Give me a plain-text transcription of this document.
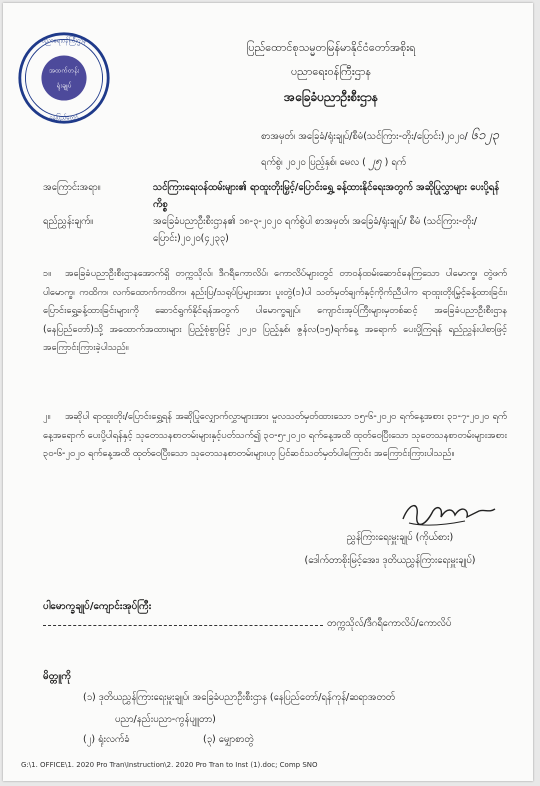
အထက်တန်း
ရုံးချုပ်
ပညာရေးဝန်ကြီးဌာန
နေပြည်တော်
ပြည်ထောင်စုသမ္မတမြန်မာနိုင်ငံတော်အစိုးရ
ပညာရေးဝန်ကြီးဌာန
အခြေခံပညာဦးစီးဌာန
စာအမှတ်၊ အခြေခံ/ရုံးချုပ်/စီမံ(သင်ကြား-တိုး/ပြောင်း)၂၀၂၀/ ၆၁၂၃
ရက်စွဲ၊ ၂၀၂၀ ပြည့်နှစ်၊ မေလ ( ၂၅ ) ရက်
အကြောင်းအရာ။	သင်ကြားရေးဝန်ထမ်းများ၏ ရာထူးတိုးမြှင့်/ပြောင်းရွှေ့ ခန့်ထားနိုင်ရေးအတွက် အဆိုပြုလွှာများ ပေးပို့ရန်ကိစ္စ
ရည်ညွှန်းချက်။	အခြေခံပညာဦးစီးဌာန၏ ၁၈-၃-၂၀၂၀ ရက်စွဲပါ စာအမှတ်၊ အခြေခံ/ရုံးချုပ်/ စီမံ (သင်ကြား-တိုး/ပြောင်း)၂၀၂၀(၄၂၃၃)
၁။ အခြေခံပညာဦးစီးဌာနအောက်ရှိ တက္ကသိုလ်၊ ဒီဂရီကောလိပ်၊ ကောလိပ်များတွင် တာဝန်ထမ်းဆောင်နေကြသော ပါမောက္ခ၊ တွဲဖက်ပါမောက္ခ၊ ကထိက၊ လက်ထောက်ကထိက၊ နည်းပြ/သရုပ်ပြများအား ပူးတွဲ(၁)ပါ သတ်မှတ်ချက်နှင့်ကိုက်ညီပါက ရာထူးတိုးမြှင့်ခန့်ထားခြင်း၊ ပြောင်းရွှေ့ခန့်ထားခြင်းများကို ဆောင်ရွက်နိုင်ရန်အတွက် ပါမောက္ခချုပ်၊ ကျောင်းအုပ်ကြီးများမှတစ်ဆင့် အခြေခံပညာဦးစီးဌာန (နေပြည်တော်)သို့ အထောက်အထားများ ပြည့်စုံစွာဖြင့် ၂၀၂၀ ပြည့်နှစ်၊ ဇွန်လ(၁၅)ရက်နေ့ အရောက် ပေးပို့ကြရန် ရည်ညွှန်းပါစာဖြင့် အကြောင်းကြားခဲ့ပါသည်။
၂။ အဆိုပါ ရာထူးတိုး/ပြောင်းရွှေ့ရန် အဆိုပြုလျှောက်လွှာများအား မူလသတ်မှတ်ထားသော ၁၅-၆-၂၀၂၀ ရက်နေ့အစား ၃၁-၇-၂၀၂၀ ရက်နေ့အရောက် ပေးပို့ပါရန်နှင့် သုတေသနစာတမ်းများနှင့်ပတ်သက်၍ ၃၀-၅-၂၀၂၀ ရက်နေ့အထိ ထုတ်ဝေပြီးသော သုတေသနစာတမ်းများအစား ၃၀-၆-၂၀၂၀ ရက်နေ့အထိ ထုတ်ဝေပြီးသော သုတေသနစာတမ်းများဟု ပြင်ဆင်သတ်မှတ်ပါကြောင်း အကြောင်းကြားပါသည်။
ညွှန်ကြားရေးမှူးချုပ် (ကိုယ်စား)
(ဒေါက်တာစိုးမြင့်အေး၊ ဒုတိယညွှန်ကြားရေးမှူးချုပ်)
ပါမောက္ခချုပ်/ကျောင်းအုပ်ကြီး
တက္ကသိုလ်/ဒီဂရီကောလိပ်/ကောလိပ်
မိတ္တူကို
(၁) ဒုတိယညွှန်ကြားရေးမှူးချုပ်၊ အခြေခံပညာဦးစီးဌာန (နေပြည်တော်/ရန်ကုန်/ဆရာအတတ်
ပညာ/နည်းပညာ-ကွန်ပျူတာ)
(၂) ရုံးလက်ခံ	(၃) မျှောစာတွဲ
G:\1. OFFICE\1. 2020 Pro Tran\Instruction\2. 2020 Pro Tran to Inst (1).doc; Comp SNO
